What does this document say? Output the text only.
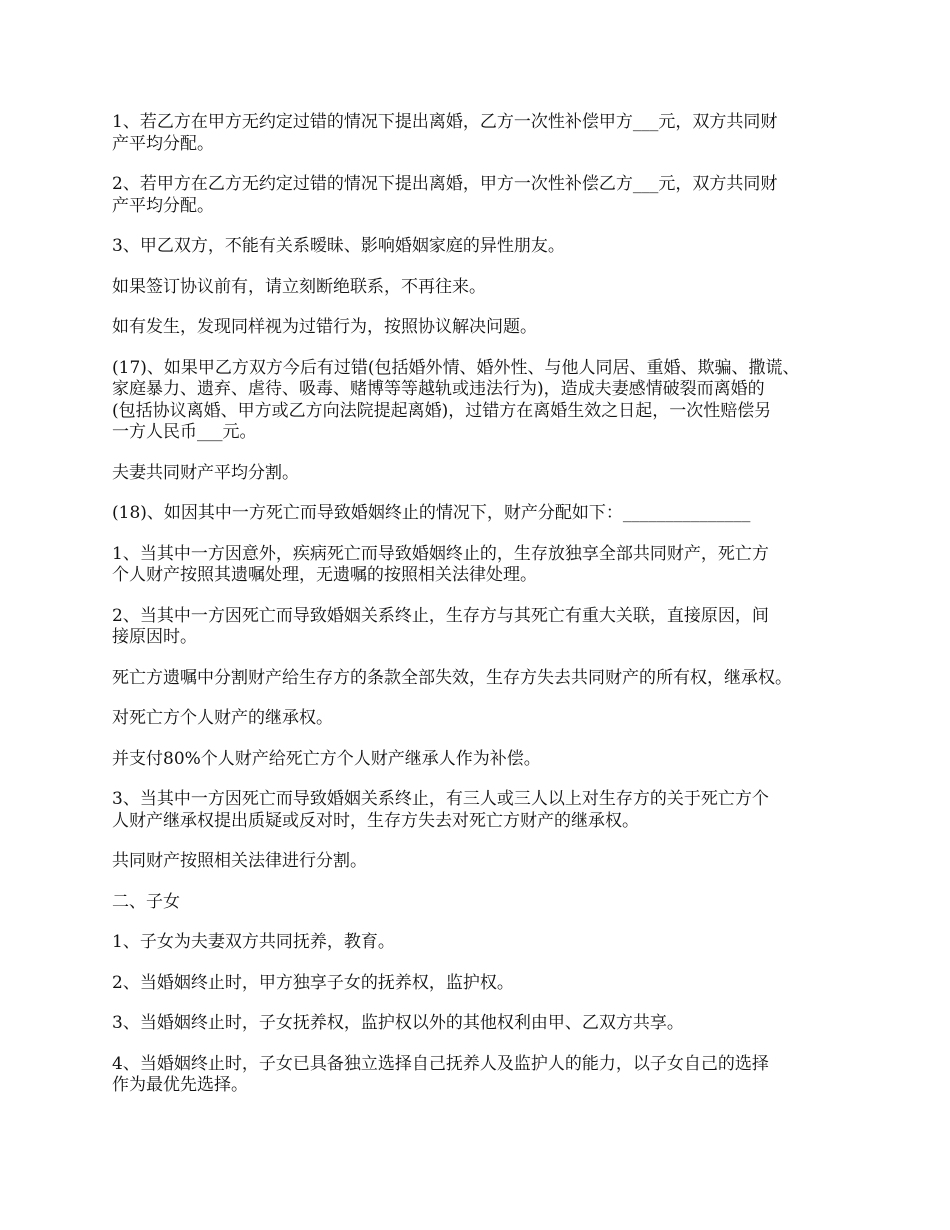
1、若乙方在甲方无约定过错的情况下提出离婚，乙方一次性补偿甲方___元，双方共同财
产平均分配。

2、若甲方在乙方无约定过错的情况下提出离婚，甲方一次性补偿乙方___元，双方共同财
产平均分配。

3、甲乙双方，不能有关系暧昧、影响婚姻家庭的异性朋友。

如果签订协议前有，请立刻断绝联系，不再往来。

如有发生，发现同样视为过错行为，按照协议解决问题。

(17)、如果甲乙方双方今后有过错(包括婚外情、婚外性、与他人同居、重婚、欺骗、撒谎、
家庭暴力、遗弃、虐待、吸毒、赌博等等越轨或违法行为)，造成夫妻感情破裂而离婚的
(包括协议离婚、甲方或乙方向法院提起离婚)，过错方在离婚生效之日起，一次性赔偿另
一方人民币___元。

夫妻共同财产平均分割。

(18)、如因其中一方死亡而导致婚姻终止的情况下，财产分配如下：_______________

1、当其中一方因意外，疾病死亡而导致婚姻终止的，生存放独享全部共同财产，死亡方
个人财产按照其遗嘱处理，无遗嘱的按照相关法律处理。

2、当其中一方因死亡而导致婚姻关系终止，生存方与其死亡有重大关联，直接原因，间
接原因时。

死亡方遗嘱中分割财产给生存方的条款全部失效，生存方失去共同财产的所有权，继承权。

对死亡方个人财产的继承权。

并支付80%个人财产给死亡方个人财产继承人作为补偿。

3、当其中一方因死亡而导致婚姻关系终止，有三人或三人以上对生存方的关于死亡方个
人财产继承权提出质疑或反对时，生存方失去对死亡方财产的继承权。

共同财产按照相关法律进行分割。

二、子女

1、子女为夫妻双方共同抚养，教育。

2、当婚姻终止时，甲方独享子女的抚养权，监护权。

3、当婚姻终止时，子女抚养权，监护权以外的其他权利由甲、乙双方共享。

4、当婚姻终止时，子女已具备独立选择自己抚养人及监护人的能力，以子女自己的选择
作为最优先选择。
